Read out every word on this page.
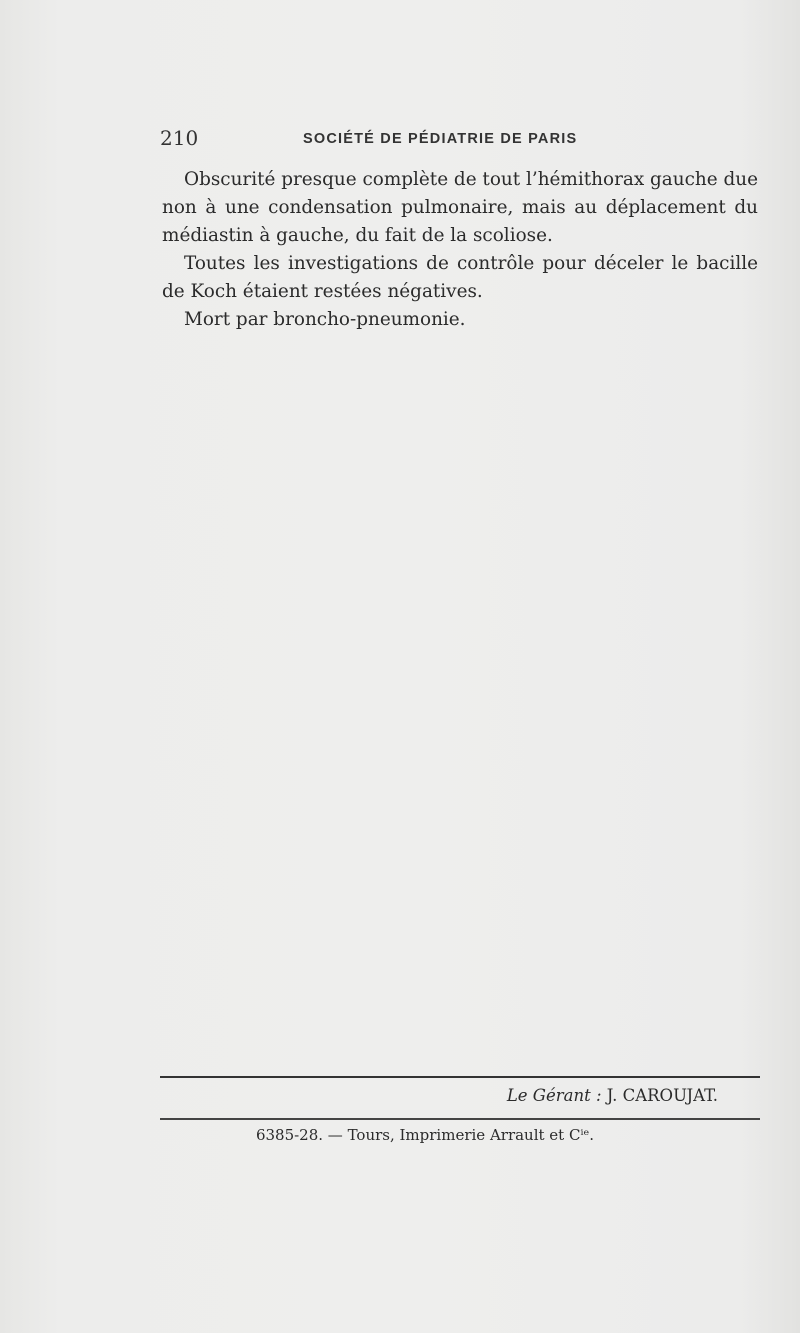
210	SOCIÉTÉ DE PÉDIATRIE DE PARIS

Obscurité presque complète de tout l’hémithorax gauche due non à une condensation pulmonaire, mais au déplacement du médiastin à gauche, du fait de la scoliose.

Toutes les investigations de contrôle pour déceler le bacille de Koch étaient restées négatives.

Mort par broncho-pneumonie.

Le Gérant : J. CAROUJAT.
6385-28. — Tours, Imprimerie Arrault et Cⁱᵉ.
